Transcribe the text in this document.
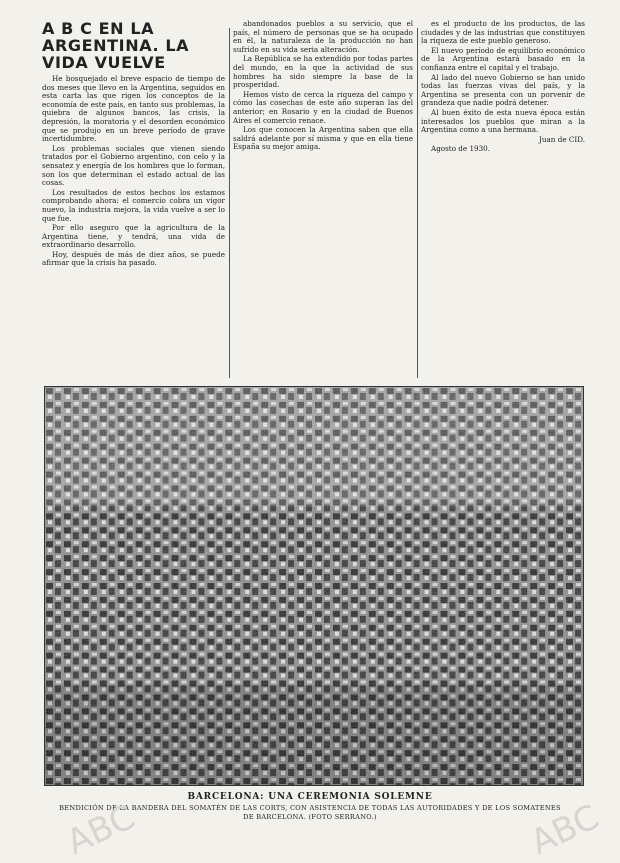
A B C EN LA ARGENTINA. LA VIDA VUELVE

He bosquejado el breve espacio de tiempo de dos meses que llevo en la Argentina, seguidos en esta carta las que rigen los conceptos de la economía de este país, en tanto sus problemas, la quiebra de algunos bancos, las crisis, la depresión, la moratoria y el desorden económico que se produjo en un breve período de grave incertidumbre.

Los problemas sociales que vienen siendo tratados por el Gobierno argentino, con celo y la sensatez y energía de los hombres que lo forman, son los que determinan el estado actual de las cosas.

Los resultados de estos hechos los estamos comprobando ahora: el comercio cobra un vigor nuevo, la industria mejora, la vida vuelve a ser lo que fue.

Por ello aseguro que la agricultura de la Argentina tiene, y tendrá, una vida de extraordinario desarrollo.

Hoy, después de más de diez años, se puede afirmar que la crisis ha pasado.

abandonados pueblos a su servicio, que el país, el número de personas que se ha ocupado en él, la naturaleza de la producción no han sufrido en su vida seria alteración.

La República se ha extendido por todas partes del mundo, en la que la actividad de sus hombres ha sido siempre la base de la prosperidad.

Hemos visto de cerca la riqueza del campo y cómo las cosechas de este año superan las del anterior; en Rosario y en la ciudad de Buenos Aires el comercio renace.

Los que conocen la Argentina saben que ella saldrá adelante por sí misma y que en ella tiene España su mejor amiga.

es el producto de los productos, de las ciudades y de las industrias que constituyen la riqueza de este pueblo generoso.

El nuevo período de equilibrio económico de la Argentina estará basado en la confianza entre el capital y el trabajo.

Al lado del nuevo Gobierno se han unido todas las fuerzas vivas del país, y la Argentina se presenta con un porvenir de grandeza que nadie podrá detener.

Al buen éxito de esta nueva época están interesados los pueblos que miran a la Argentina como a una hermana.

Juan de CID.

Agosto de 1930.

BARCELONA: UNA CEREMONIA SOLEMNE
BENDICIÓN DE LA BANDERA DEL SOMATÉN DE LAS CORTS, CON ASISTENCIA DE TODAS LAS AUTORIDADES Y DE LOS SOMATENES
DE BARCELONA. (FOTO SERRANO.)
ABC	ABC
